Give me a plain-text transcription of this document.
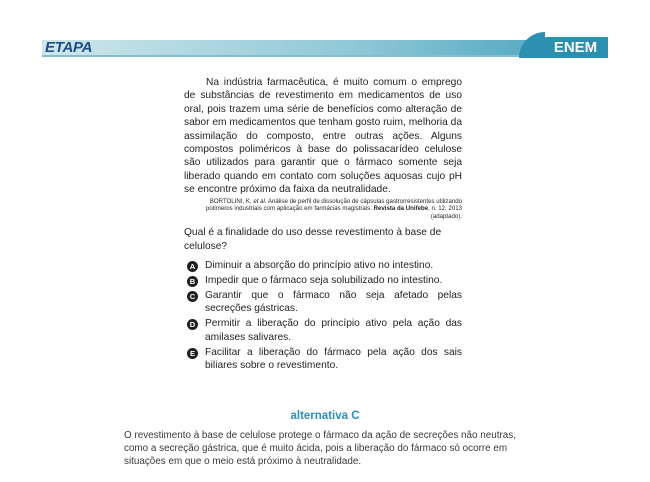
ETAPA	ENEM

Na indústria farmacêutica, é muito comum o emprego de substâncias de revestimento em medicamentos de uso oral, pois trazem uma série de benefícios como alteração de sabor em medicamentos que tenham gosto ruim, melhoria da assimilação do composto, entre outras ações. Alguns compostos poliméricos à base do polissacarídeo celulose são utilizados para garantir que o fármaco somente seja liberado quando em contato com soluções aquosas cujo pH se encontre próximo da faixa da neutralidade.

BORTOLINI, K. et al. Análise de perfil de dissolução de cápsulas gastrorresistentes utilizando polímeros industriais com aplicação em farmácias magistrais. Revista da Unifebe, n. 12, 2013 (adaptado).

Qual é a finalidade do uso desse revestimento à base de celulose?

A Diminuir a absorção do princípio ativo no intestino.
B Impedir que o fármaco seja solubilizado no intestino.
C Garantir que o fármaco não seja afetado pelas secreções gástricas.
D Permitir a liberação do princípio ativo pela ação das amilases salivares.
E Facilitar a liberação do fármaco pela ação dos sais biliares sobre o revestimento.
alternativa C

O revestimento à base de celulose protege o fármaco da ação de secreções não neutras, como a secreção gástrica, que é muito ácida, pois a liberação do fármaco só ocorre em situações em que o meio está próximo à neutralidade.
